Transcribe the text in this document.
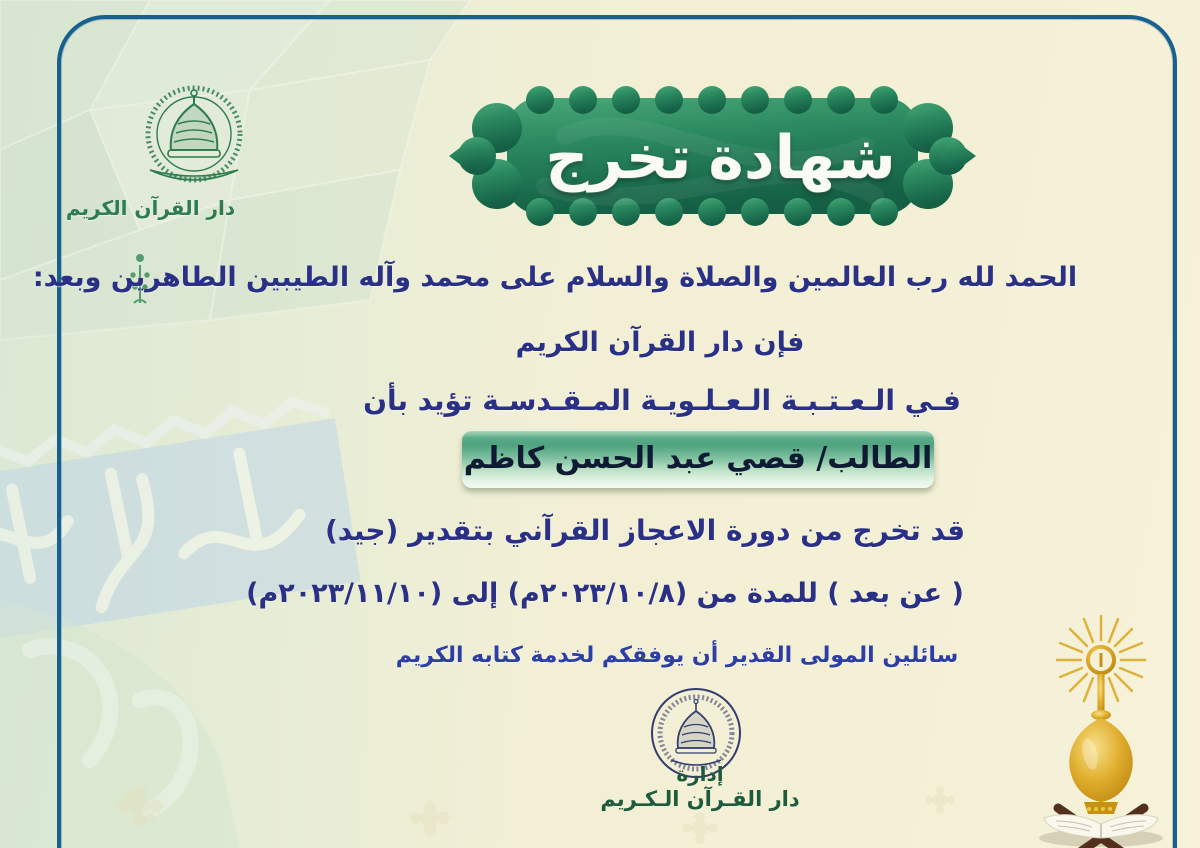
شهادة تخرج
دار القرآن الكريم
الحمد لله رب العالمين والصلاة والسلام على محمد وآله الطيبين الطاهرين وبعد:
فإن دار القرآن الكريم
فـي الـعـتـبـة الـعـلـويـة المـقـدسـة تؤيد بأن
الطالب/ قصي عبد الحسن كاظم
قد تخرج من دورة الاعجاز القرآني بتقدير (جيد)
( عن بعد ) للمدة من (٢٠٢٣/١٠/٨م) إلى (٢٠٢٣/١١/١٠م)
سائلين المولى القدير أن يوفقكم لخدمة كتابه الكريم
إدارة
دار القـرآن الـكـريم
